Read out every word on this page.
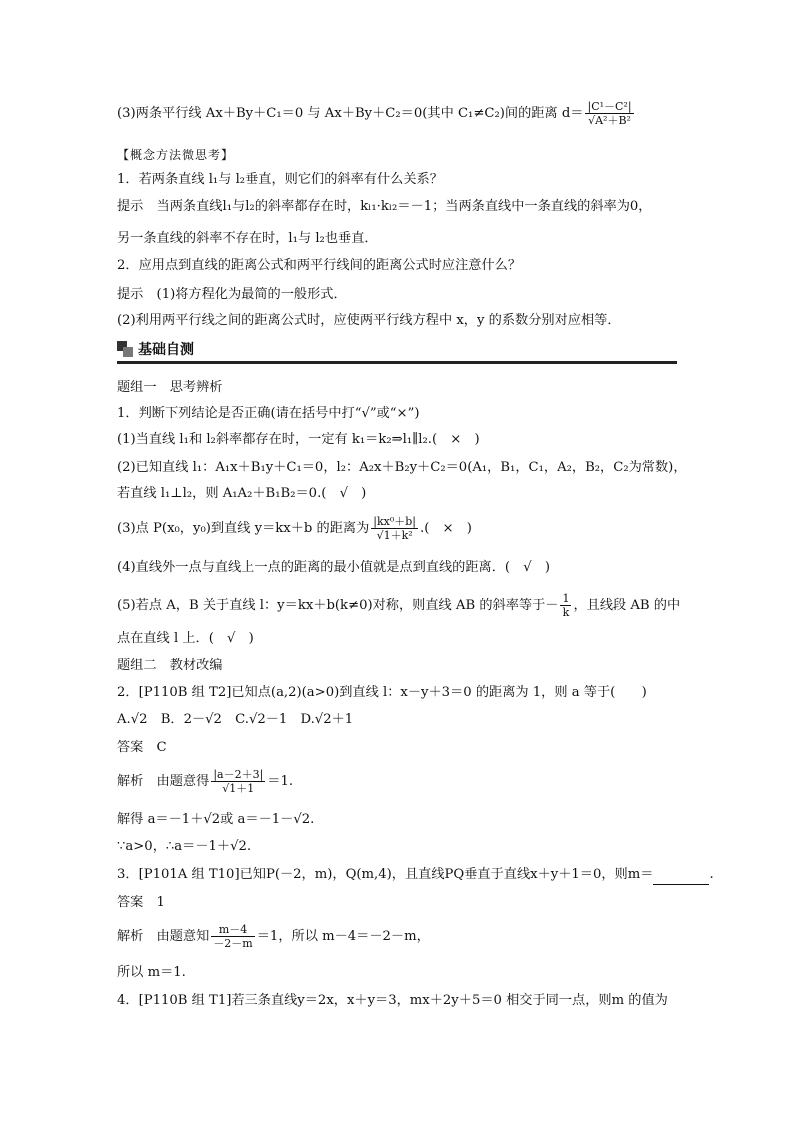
(3)两条平行线 Ax＋By＋C₁＝0 与 Ax＋By＋C₂＝0(其中 C₁≠C₂)间的距离 $d= \frac{\text{|C¹－C²|}}{\text{√A²＋B²}}$
【概念方法微思考】
1．若两条直线 l₁与 l₂垂直，则它们的斜率有什么关系？
提示　当两条直线l₁与l₂的斜率都存在时，kₗ₁·kₗ₂＝－1；当两条直线中一条直线的斜率为0，
另一条直线的斜率不存在时，l₁与 l₂也垂直．
2．应用点到直线的距离公式和两平行线间的距离公式时应注意什么？
提示　(1)将方程化为最简的一般形式．
(2)利用两平行线之间的距离公式时，应使两平行线方程中 x，y 的系数分别对应相等．
基础自测
题组一　思考辨析
1．判断下列结论是否正确(请在括号中打“√”或“×”)
(1)当直线 l₁和 l₂斜率都存在时，一定有 k₁＝k₂⇒l₁∥l₂.(　×　)
(2)已知直线 l₁：A₁x＋B₁y＋C₁＝0，l₂：A₂x＋B₂y＋C₂＝0(A₁，B₁，C₁，A₂，B₂，C₂为常数)，
若直线 l₁⊥l₂，则 A₁A₂＋B₁B₂＝0.(　√　)
(3)点 P(x₀，y₀)到直线 y＝kx＋b 的距离为 $\frac{\text{|kx⁰＋b|}}{\text{√1＋k²}}$ .(　×　)
(4)直线外一点与直线上一点的距离的最小值就是点到直线的距离．(　√　)
(5)若点 A，B 关于直线 l：y＝kx＋b(k≠0)对称，则直线 AB 的斜率等于－ $\frac{1}{k}$ ，且线段 AB 的中
点在直线 l 上．(　√　)
题组二　教材改编
2．[P110B 组 T2]已知点(a,2)(a>0)到直线 l：x－y＋3＝0 的距离为 1，则 a 等于(　　)
A.√2　B．2－√2　C.√2－1　D.√2＋1
答案　C
解析　由题意得 $\frac{|a-2+3|}{√1+1} =1$.
解得 a＝－1＋√2或 a＝－1－√2.
∵a>0，∴a＝－1＋√2.
3．[P101A 组 T10]已知P(－2，m)，Q(m,4)，且直线PQ垂直于直线x＋y＋1＝0，则m＝	.
答案　1
解析　由题意知 $\frac{m-4}{-2-m} =1$，所以 m－4＝－2－m，
所以 m＝1.
4．[P110B 组 T1]若三条直线y＝2x，x＋y＝3，mx＋2y＋5＝0 相交于同一点，则m 的值为
